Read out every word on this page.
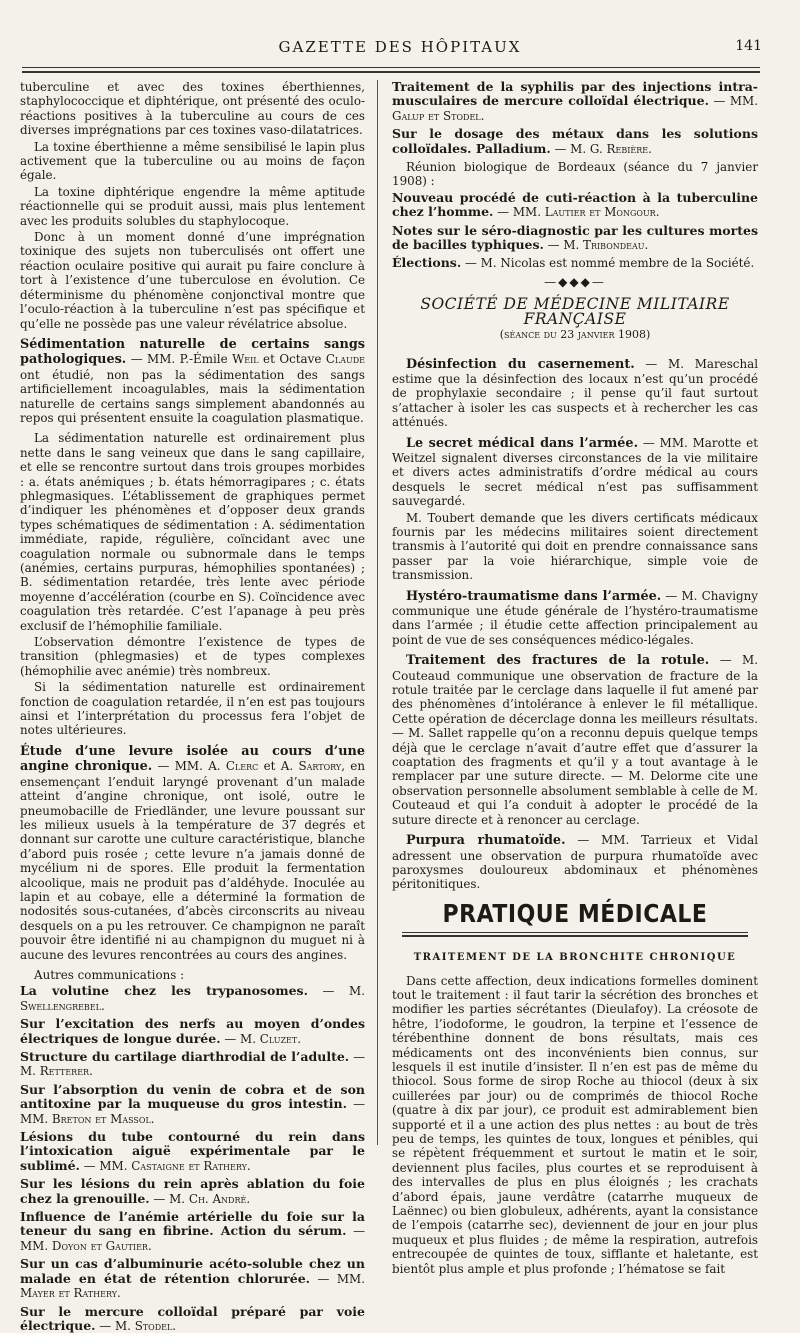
GAZETTE DES HÔPITAUX	141

tuberculine et avec des toxines éberthiennes, staphylococcique et diphtérique, ont présenté des oculo-réactions positives à la tuberculine au cours de ces diverses imprégnations par ces toxines vaso-dilatatrices.

La toxine éberthienne a même sensibilisé le lapin plus activement que la tuberculine ou au moins de façon égale.

La toxine diphtérique engendre la même aptitude réactionnelle qui se produit aussi, mais plus lentement avec les produits solubles du staphylocoque.

Donc à un moment donné d’une imprégnation toxinique des sujets non tuberculisés ont offert une réaction oculaire positive qui aurait pu faire conclure à tort à l’existence d’une tuberculose en évolution. Ce déterminisme du phénomène conjonctival montre que l’oculo-réaction à la tuberculine n’est pas spécifique et qu’elle ne possède pas une valeur révélatrice absolue.

Sédimentation naturelle de certains sangs pathologiques. — MM. P.-Émile Weil et Octave Claude ont étudié, non pas la sédimentation des sangs artificiellement incoagulables, mais la sédimentation naturelle de certains sangs simplement abandonnés au repos qui présentent ensuite la coagulation plasmatique.

La sédimentation naturelle est ordinairement plus nette dans le sang veineux que dans le sang capillaire, et elle se rencontre surtout dans trois groupes morbides : a. états anémiques ; b. états hémorragipares ; c. états phlegmasiques. L’établissement de graphiques permet d’indiquer les phénomènes et d’opposer deux grands types schématiques de sédimentation : A. sédimentation immédiate, rapide, régulière, coïncidant avec une coagulation normale ou subnormale dans le temps (anémies, certains purpuras, hémophilies spontanées) ; B. sédimentation retardée, très lente avec période moyenne d’accélération (courbe en S). Coïncidence avec coagulation très retardée. C’est l’apanage à peu près exclusif de l’hémophilie familiale.

L’observation démontre l’existence de types de transition (phlegmasies) et de types complexes (hémophilie avec anémie) très nombreux.

Si la sédimentation naturelle est ordinairement fonction de coagulation retardée, il n’en est pas toujours ainsi et l’interprétation du processus fera l’objet de notes ultérieures.

Étude d’une levure isolée au cours d’une angine chronique. — MM. A. Clerc et A. Sartory, en ensemençant l’enduit laryngé provenant d’un malade atteint d’angine chronique, ont isolé, outre le pneumobacille de Friedländer, une levure poussant sur les milieux usuels à la température de 37 degrés et donnant sur carotte une culture caractéristique, blanche d’abord puis rosée ; cette levure n’a jamais donné de mycélium ni de spores. Elle produit la fermentation alcoolique, mais ne produit pas d’aldéhyde. Inoculée au lapin et au cobaye, elle a déterminé la formation de nodosités sous-cutanées, d’abcès circonscrits au niveau desquels on a pu les retrouver. Ce champignon ne paraît pouvoir être identifié ni au champignon du muguet ni à aucune des levures rencontrées au cours des angines.

Autres communications :

La volutine chez les trypanosomes. — M. Swellengrebel.

Sur l’excitation des nerfs au moyen d’ondes électriques de longue durée. — M. Cluzet.

Structure du cartilage diarthrodial de l’adulte. — M. Retterer.

Sur l’absorption du venin de cobra et de son antitoxine par la muqueuse du gros intestin. — MM. Breton et Massol.

Lésions du tube contourné du rein dans l’intoxication aiguë expérimentale par le sublimé. — MM. Castaigne et Rathery.

Sur les lésions du rein après ablation du foie chez la grenouille. — M. Ch. André.

Influence de l’anémie artérielle du foie sur la teneur du sang en fibrine. Action du sérum. — MM. Doyon et Gautier.

Sur un cas d’albuminurie acéto-soluble chez un malade en état de rétention chlorurée. — MM. Mayer et Rathery.

Sur le mercure colloïdal préparé par voie électrique. — M. Stodel.

Traitement de la syphilis par des injections intra-musculaires de mercure colloïdal électrique. — MM. Galup et Stodel.

Sur le dosage des métaux dans les solutions colloïdales. Palladium. — M. G. Rebière.

Réunion biologique de Bordeaux (séance du 7 janvier 1908) :

Nouveau procédé de cuti-réaction à la tuberculine chez l’homme. — MM. Lautier et Mongour.

Notes sur le séro-diagnostic par les cultures mortes de bacilles typhiques. — M. Tribondeau.

Élections. — M. Nicolas est nommé membre de la Société.

—◆◆◆—
SOCIÉTÉ DE MÉDECINE MILITAIRE FRANÇAISE
(séance du 23 janvier 1908)

Désinfection du casernement. — M. Mareschal estime que la désinfection des locaux n’est qu’un procédé de prophylaxie secondaire ; il pense qu’il faut surtout s’attacher à isoler les cas suspects et à rechercher les cas atténués.

Le secret médical dans l’armée. — MM. Marotte et Weitzel signalent diverses circonstances de la vie militaire et divers actes administratifs d’ordre médical au cours desquels le secret médical n’est pas suffisamment sauvegardé.

M. Toubert demande que les divers certificats médicaux fournis par les médecins militaires soient directement transmis à l’autorité qui doit en prendre connaissance sans passer par la voie hiérarchique, simple voie de transmission.

Hystéro-traumatisme dans l’armée. — M. Chavigny communique une étude générale de l’hystéro-traumatisme dans l’armée ; il étudie cette affection principalement au point de vue de ses conséquences médico-légales.

Traitement des fractures de la rotule. — M. Couteaud communique une observation de fracture de la rotule traitée par le cerclage dans laquelle il fut amené par des phénomènes d’intolérance à enlever le fil métallique. Cette opération de décerclage donna les meilleurs résultats. — M. Sallet rappelle qu’on a reconnu depuis quelque temps déjà que le cerclage n’avait d’autre effet que d’assurer la coaptation des fragments et qu’il y a tout avantage à le remplacer par une suture directe. — M. Delorme cite une observation personnelle absolument semblable à celle de M. Couteaud et qui l’a conduit à adopter le procédé de la suture directe et à renoncer au cerclage.

Purpura rhumatoïde. — MM. Tarrieux et Vidal adressent une observation de purpura rhumatoïde avec paroxysmes douloureux abdominaux et phénomènes péritonitiques.

PRATIQUE MÉDICALE
TRAITEMENT DE LA BRONCHITE CHRONIQUE

Dans cette affection, deux indications formelles dominent tout le traitement : il faut tarir la sécrétion des bronches et modifier les parties sécrétantes (Dieulafoy). La créosote de hêtre, l’iodoforme, le goudron, la terpine et l’essence de térébenthine donnent de bons résultats, mais ces médicaments ont des inconvénients bien connus, sur lesquels il est inutile d’insister. Il n’en est pas de même du thiocol. Sous forme de sirop Roche au thiocol (deux à six cuillerées par jour) ou de comprimés de thiocol Roche (quatre à dix par jour), ce produit est admirablement bien supporté et il a une action des plus nettes : au bout de très peu de temps, les quintes de toux, longues et pénibles, qui se répètent fréquemment et surtout le matin et le soir, deviennent plus faciles, plus courtes et se reproduisent à des intervalles de plus en plus éloignés ; les crachats d’abord épais, jaune verdâtre (catarrhe muqueux de Laënnec) ou bien globuleux, adhérents, ayant la consistance de l’empois (catarrhe sec), deviennent de jour en jour plus muqueux et plus fluides ; de même la respiration, autrefois entrecoupée de quintes de toux, sifflante et haletante, est bientôt plus ample et plus profonde ; l’hématose se fait
